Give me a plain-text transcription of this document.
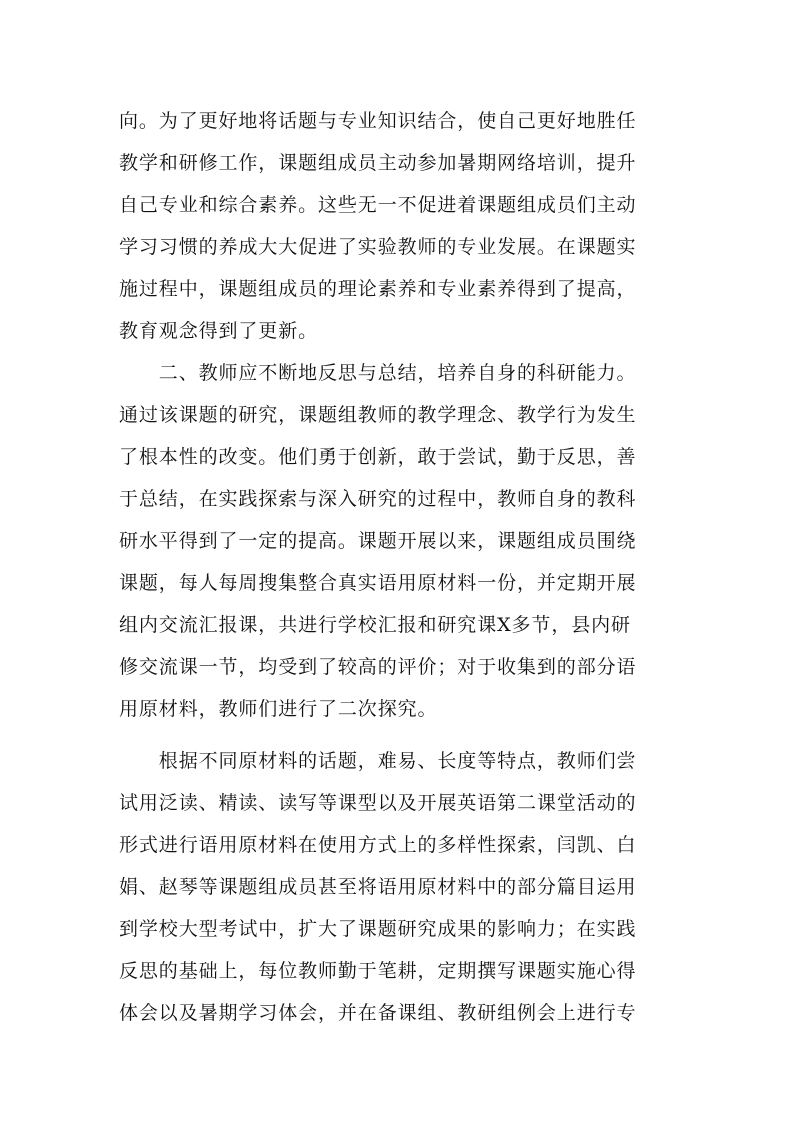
向。为了更好地将话题与专业知识结合，使自己更好地胜任
教学和研修工作，课题组成员主动参加暑期网络培训，提升
自己专业和综合素养。这些无一不促进着课题组成员们主动
学习习惯的养成大大促进了实验教师的专业发展。在课题实
施过程中，课题组成员的理论素养和专业素养得到了提高，
教育观念得到了更新。
　　二、教师应不断地反思与总结，培养自身的科研能力。
通过该课题的研究，课题组教师的教学理念、教学行为发生
了根本性的改变。他们勇于创新，敢于尝试，勤于反思，善
于总结，在实践探索与深入研究的过程中，教师自身的教科
研水平得到了一定的提高。课题开展以来，课题组成员围绕
课题，每人每周搜集整合真实语用原材料一份，并定期开展
组内交流汇报课，共进行学校汇报和研究课X多节，县内研
修交流课一节，均受到了较高的评价；对于收集到的部分语
用原材料，教师们进行了二次探究。
　　根据不同原材料的话题，难易、长度等特点，教师们尝
试用泛读、精读、读写等课型以及开展英语第二课堂活动的
形式进行语用原材料在使用方式上的多样性探索，闫凯、白
娟、赵琴等课题组成员甚至将语用原材料中的部分篇目运用
到学校大型考试中，扩大了课题研究成果的影响力；在实践
反思的基础上，每位教师勤于笔耕，定期撰写课题实施心得
体会以及暑期学习体会，并在备课组、教研组例会上进行专
